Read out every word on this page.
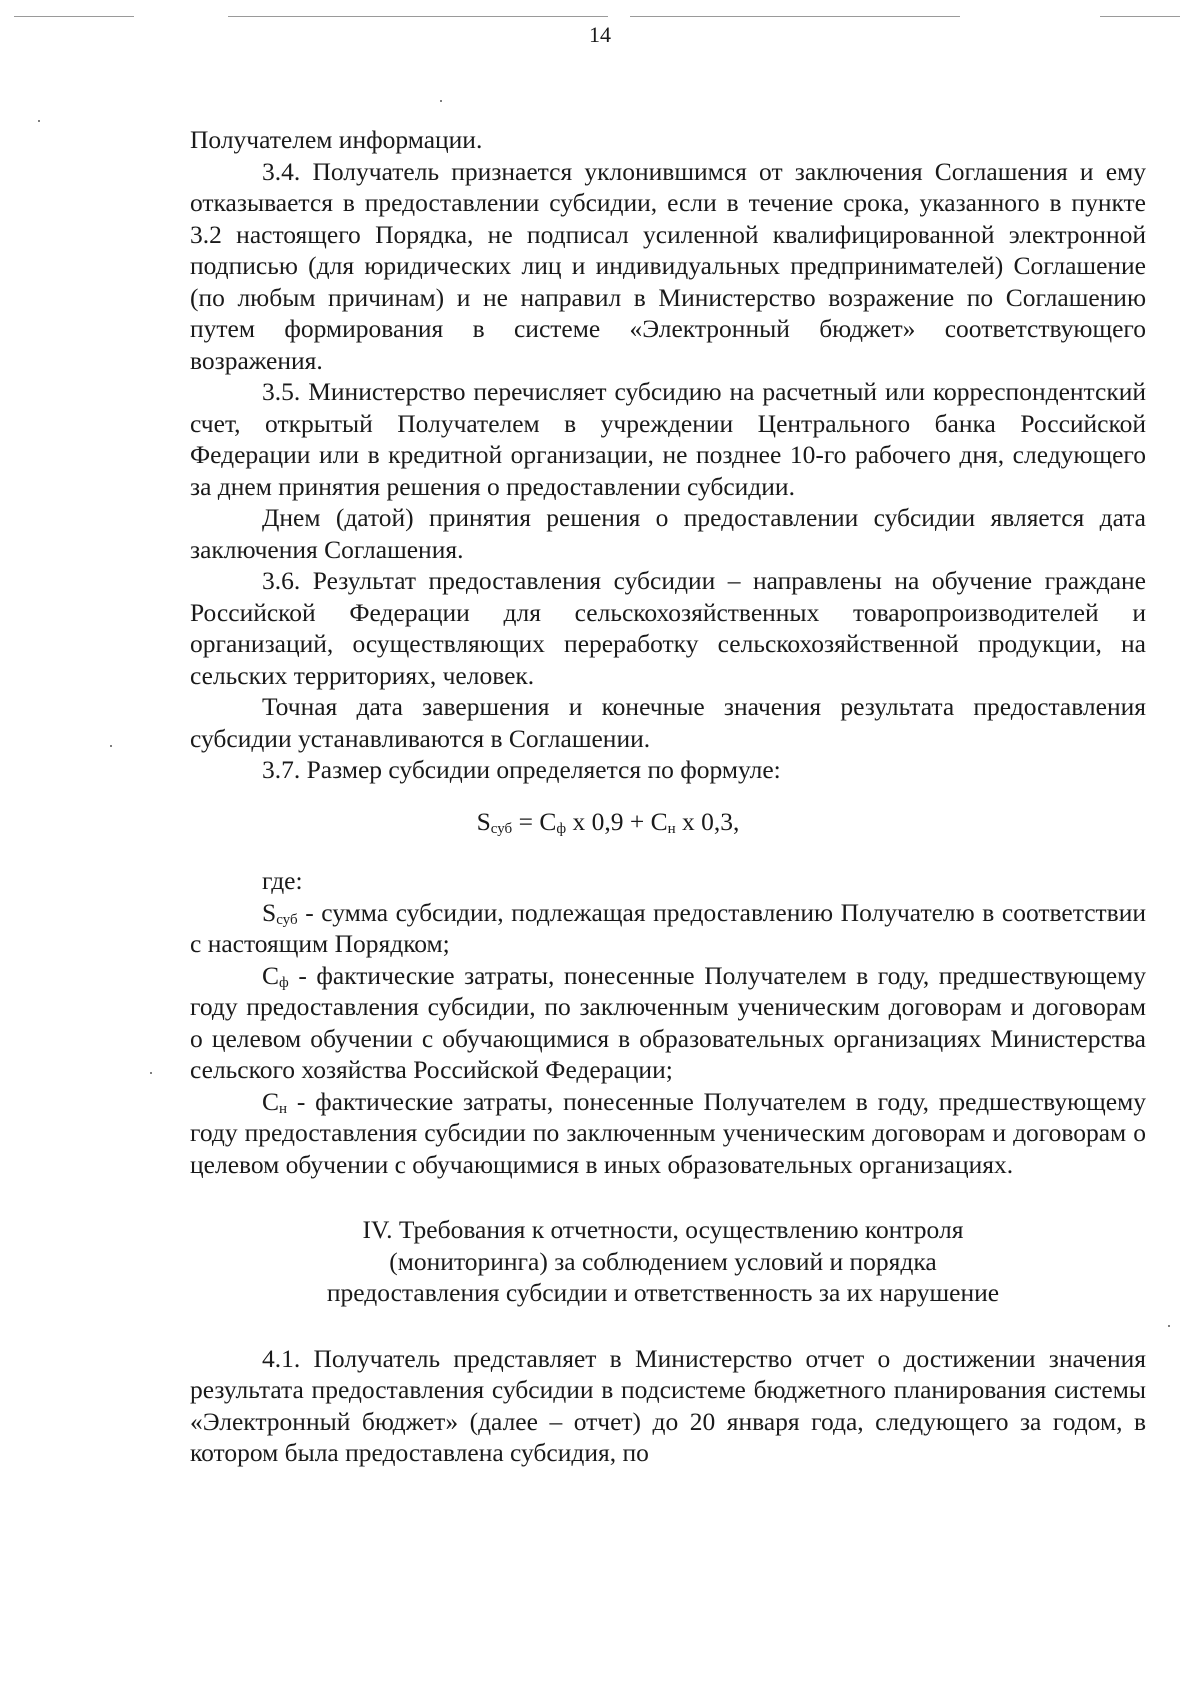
14

Получателем информации.

3.4. Получатель признается уклонившимся от заключения Соглашения и ему отказывается в предоставлении субсидии, если в течение срока, указанного в пункте 3.2 настоящего Порядка, не подписал усиленной квалифицированной электронной подписью (для юридических лиц и индивидуальных предпринимателей) Соглашение (по любым причинам) и не направил в Министерство возражение по Соглашению путем формирования в системе «Электронный бюджет» соответствующего возражения.

3.5. Министерство перечисляет субсидию на расчетный или корреспондентский счет, открытый Получателем в учреждении Центрального банка Российской Федерации или в кредитной организации, не позднее 10-го рабочего дня, следующего за днем принятия решения о предоставлении субсидии.

Днем (датой) принятия решения о предоставлении субсидии является дата заключения Соглашения.

3.6. Результат предоставления субсидии – направлены на обучение граждане Российской Федерации для сельскохозяйственных товаропроизводителей и организаций, осуществляющих переработку сельскохозяйственной продукции, на сельских территориях, человек.

Точная дата завершения и конечные значения результата предоставления субсидии устанавливаются в Соглашении.

3.7. Размер субсидии определяется по формуле:

$S_{суб} = С_ф$ х $0,9 + С_н$ х 0,3,

где:

$S_{суб}$ - сумма субсидии, подлежащая предоставлению Получателю в соответствии с настоящим Порядком;

$С_ф$ - фактические затраты, понесенные Получателем в году, предшествующему году предоставления субсидии, по заключенным ученическим договорам и договорам о целевом обучении с обучающимися в образовательных организациях Министерства сельского хозяйства Российской Федерации;

$С_н$ - фактические затраты, понесенные Получателем в году, предшествующему году предоставления субсидии по заключенным ученическим договорам и договорам о целевом обучении с обучающимися в иных образовательных организациях.

IV. Требования к отчетности, осуществлению контроля
(мониторинга) за соблюдением условий и порядка
предоставления субсидии и ответственность за их нарушение

4.1. Получатель представляет в Министерство отчет о достижении значения результата предоставления субсидии в подсистеме бюджетного планирования системы «Электронный бюджет» (далее – отчет) до 20 января года, следующего за годом, в котором была предоставлена субсидия, по
